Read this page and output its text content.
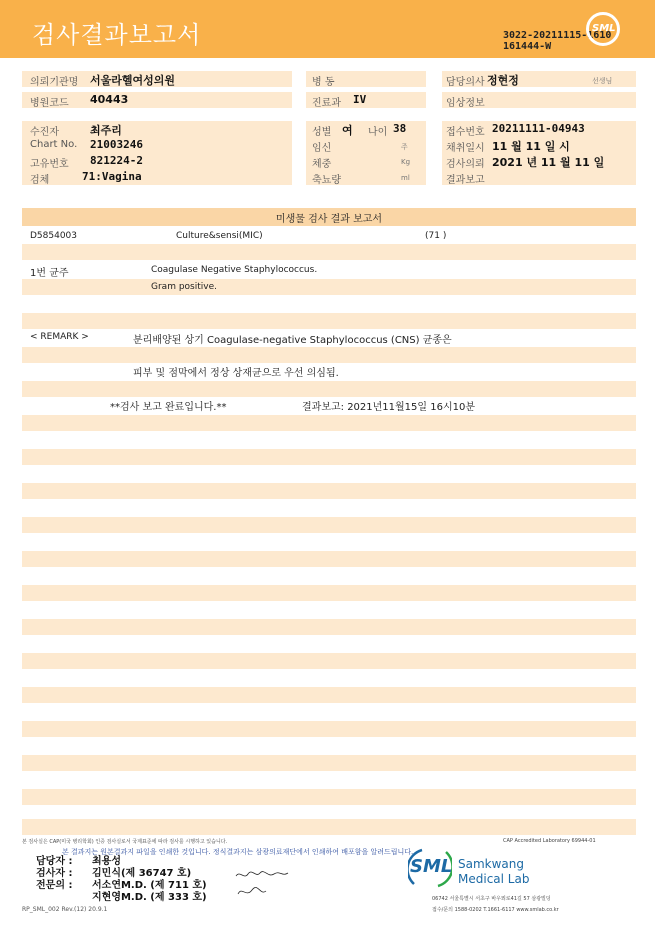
검사결과보고서	3022-20211115-1610
161444-W
SML
의뢰기관명 서울라헬여성의원
병원코드 40443
수진자	최주리
Chart No. 21003246
고유번호 821224-2
검체	71:Vagina
병 동
진료과 IV
성별 여 나이 38
임신	주
체중	Kg
축뇨량	ml
담당의사 정현정	선생님
임상정보
접수번호 20211111-04943
채취일시 11 월 11 일 시
검사의뢰 2021 년 11 월 11 일
결과보고
미생물 검사 결과 보고서
D5854003	Culture&sensi(MIC)	(71 )
1번 균주	Coagulase Negative Staphylococcus.
Gram positive.
< REMARK >	분리배양된 상기 Coagulase-negative Staphylococcus (CNS) 균종은
피부 및 점막에서 정상 상재균으로 우선 의심됨.
**검사 보고 완료입니다.**	결과보고: 2021년11월15일 16시10분
본 검사실은 CAP(미국 병리학회) 인증 검사실로서 국제표준에 따라 검사를 시행하고 있습니다.	CAP Accredited Laboratory 69944-01
본 결과지는 원본결과지 파일을 인쇄한 것입니다. 정식결과지는 삼광의료재단에서 인쇄하여 배포함을 알려드립니다.
담당자 : 최용성
검사자 : 김민식(제 36747 호)
전문의 : 서소연M.D. (제 711 호)
지현영M.D. (제 333 호)
RP_SML_002 Rev.(12) 20.9.1
SML Samkwang
Medical Lab
06742 서울특별시 서초구 바우뫼로41길 57 삼광빌딩
접수/문의 1588-0202 T.1661-6117 www.smlab.co.kr
